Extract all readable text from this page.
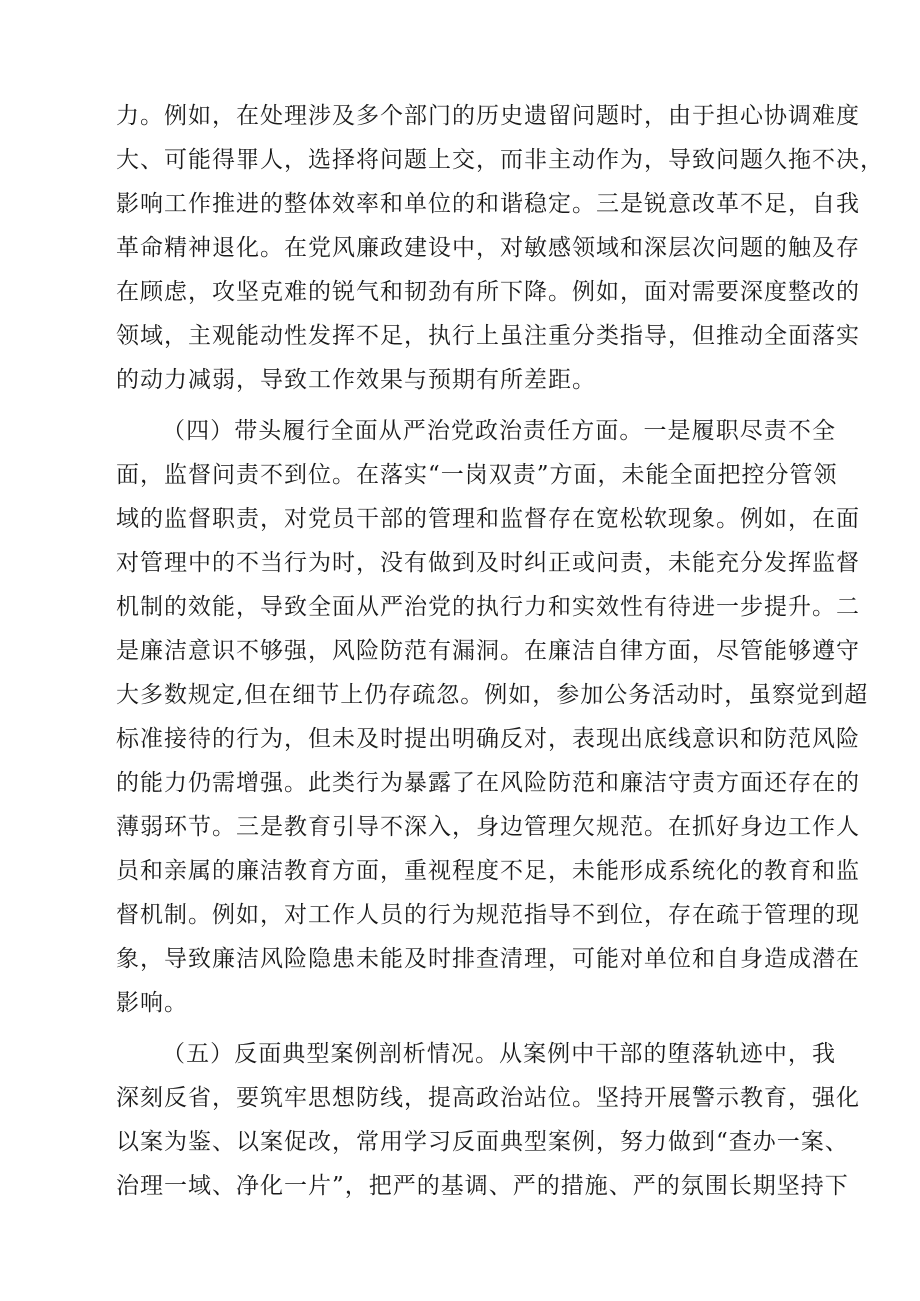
力。例如，在处理涉及多个部门的历史遗留问题时，由于担心协调难度
大、可能得罪人，选择将问题上交，而非主动作为，导致问题久拖不决，
影响工作推进的整体效率和单位的和谐稳定。三是锐意改革不足，自我
革命精神退化。在党风廉政建设中，对敏感领域和深层次问题的触及存
在顾虑，攻坚克难的锐气和韧劲有所下降。例如，面对需要深度整改的
领域，主观能动性发挥不足，执行上虽注重分类指导，但推动全面落实
的动力减弱，导致工作效果与预期有所差距。
（四）带头履行全面从严治党政治责任方面。一是履职尽责不全
面，监督问责不到位。在落实“一岗双责”方面，未能全面把控分管领
域的监督职责，对党员干部的管理和监督存在宽松软现象。例如，在面
对管理中的不当行为时，没有做到及时纠正或问责，未能充分发挥监督
机制的效能，导致全面从严治党的执行力和实效性有待进一步提升。二
是廉洁意识不够强，风险防范有漏洞。在廉洁自律方面，尽管能够遵守
大多数规定,但在细节上仍存疏忽。例如，参加公务活动时，虽察觉到超
标准接待的行为，但未及时提出明确反对，表现出底线意识和防范风险
的能力仍需增强。此类行为暴露了在风险防范和廉洁守责方面还存在的
薄弱环节。三是教育引导不深入，身边管理欠规范。在抓好身边工作人
员和亲属的廉洁教育方面，重视程度不足，未能形成系统化的教育和监
督机制。例如，对工作人员的行为规范指导不到位，存在疏于管理的现
象，导致廉洁风险隐患未能及时排查清理，可能对单位和自身造成潜在
影响。
（五）反面典型案例剖析情况。从案例中干部的堕落轨迹中，我
深刻反省，要筑牢思想防线，提高政治站位。坚持开展警示教育，强化
以案为鉴、以案促改，常用学习反面典型案例，努力做到“查办一案、
治理一域、净化一片”，把严的基调、严的措施、严的氛围长期坚持下
